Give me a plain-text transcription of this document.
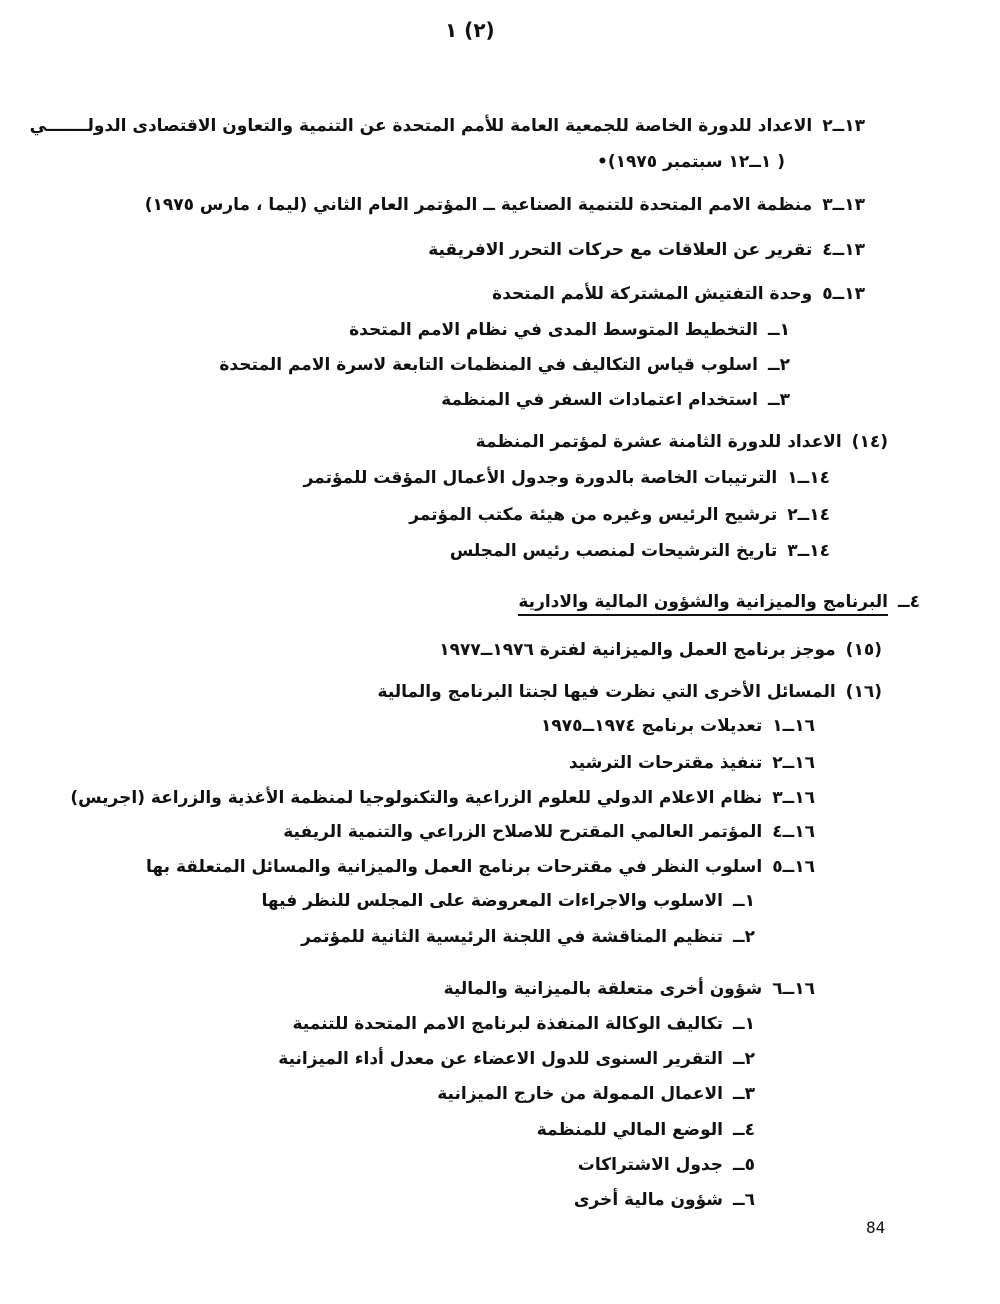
(٢) ١
١٣ــ٢الاعداد للدورة الخاصة للجمعية العامة للأمم المتحدة عن التنمية والتعاون الاقتصادى الدولـــــــي
( ١ــ١٢ سبتمبر ١٩٧٥)•
١٣ــ٣منظمة الامم المتحدة للتنمية الصناعية ــ المؤتمر العام الثاني (ليما ، مارس ١٩٧٥)
١٣ــ٤تقرير عن العلاقات مع حركات التحرر الافريقية
١٣ــ٥وحدة التفتيش المشتركة للأمم المتحدة
١ــالتخطيط المتوسط المدى في نظام الامم المتحدة
٢ــاسلوب قياس التكاليف في المنظمات التابعة لاسرة الامم المتحدة
٣ــاستخدام اعتمادات السفر في المنظمة
(١٤)الاعداد للدورة الثامنة عشرة لمؤتمر المنظمة
١٤ــ١الترتيبات الخاصة بالدورة وجدول الأعمال المؤقت للمؤتمر
١٤ــ٢ترشيح الرئيس وغيره من هيئة مكتب المؤتمر
١٤ــ٣تاريخ الترشيحات لمنصب رئيس المجلس
٤ــالبرنامج والميزانية والشؤون المالية والادارية
(١٥)موجز برنامج العمل والميزانية لفترة ١٩٧٦ــ١٩٧٧
(١٦)المسائل الأخرى التي نظرت فيها لجنتا البرنامج والمالية
١٦ــ١تعديلات برنامج ١٩٧٤ــ١٩٧٥
١٦ــ٢تنفيذ مقترحات الترشيد
١٦ــ٣نظام الاعلام الدولي للعلوم الزراعية والتكنولوجيا لمنظمة الأغذية والزراعة (اجريس)
١٦ــ٤المؤتمر العالمي المقترح للاصلاح الزراعي والتنمية الريفية
١٦ــ٥اسلوب النظر في مقترحات برنامج العمل والميزانية والمسائل المتعلقة بها
١ــالاسلوب والاجراءات المعروضة على المجلس للنظر فيها
٢ــتنظيم المناقشة في اللجنة الرئيسية الثانية للمؤتمر
١٦ــ٦شؤون أخرى متعلقة بالميزانية والمالية
١ــتكاليف الوكالة المنفذة لبرنامج الامم المتحدة للتنمية
٢ــالتقرير السنوى للدول الاعضاء عن معدل أداء الميزانية
٣ــالاعمال الممولة من خارج الميزانية
٤ــالوضع المالي للمنظمة
٥ــجدول الاشتراكات
٦ــشؤون مالية أخرى
84
